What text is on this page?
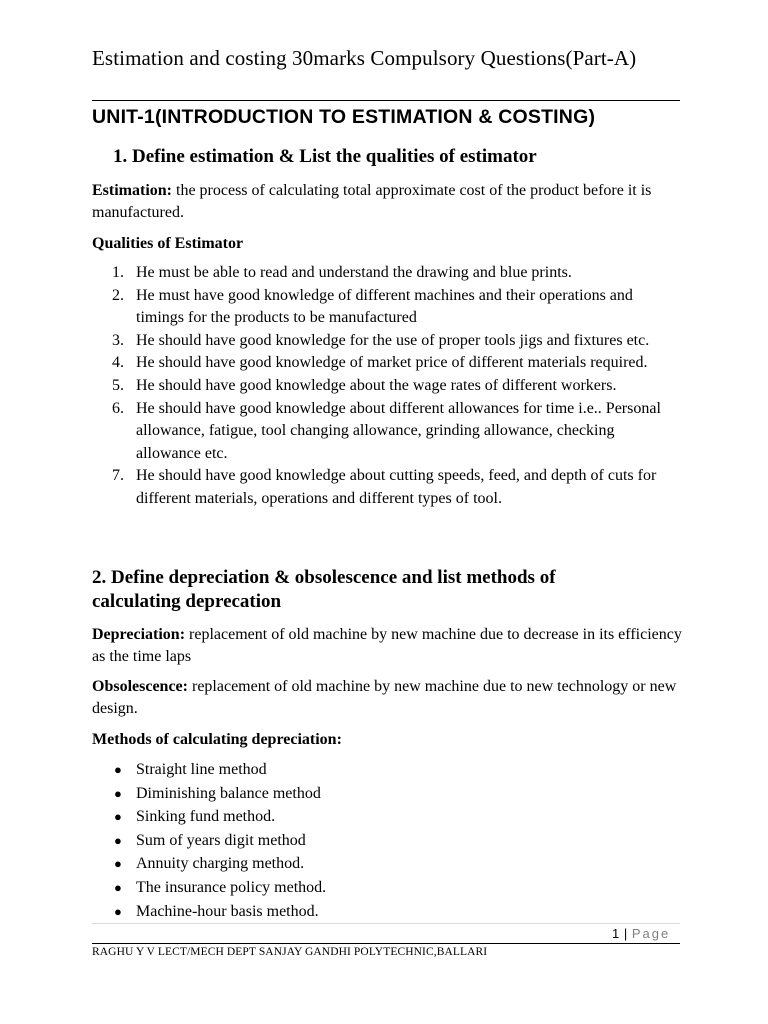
Estimation and costing 30marks Compulsory Questions(Part-A)
UNIT-1(INTRODUCTION TO ESTIMATION & COSTING)
1. Define estimation & List the qualities of estimator
Estimation: the process of calculating total approximate cost of the product before it is manufactured.
Qualities of Estimator
1. He must be able to read and understand the drawing and blue prints.
2. He must have good knowledge of different machines and their operations and timings for the products to be manufactured
3. He should have good knowledge for the use of proper tools jigs and fixtures etc.
4. He should have good knowledge of market price of different materials required.
5. He should have good knowledge about the wage rates of different workers.
6. He should have good knowledge about different allowances for time i.e.. Personal allowance, fatigue, tool changing allowance, grinding allowance, checking allowance etc.
7. He should have good knowledge about cutting speeds, feed, and depth of cuts for different materials, operations and different types of tool.
2. Define depreciation & obsolescence and list methods of
calculating deprecation
Depreciation: replacement of old machine by new machine due to decrease in its efficiency as the time laps
Obsolescence: replacement of old machine by new machine due to new technology or new design.
Methods of calculating depreciation:
● Straight line method
● Diminishing balance method
● Sinking fund method.
● Sum of years digit method
● Annuity charging method.
● The insurance policy method.
● Machine-hour basis method.
1 | Page
RAGHU Y V LECT/MECH DEPT SANJAY GANDHI POLYTECHNIC,BALLARI
